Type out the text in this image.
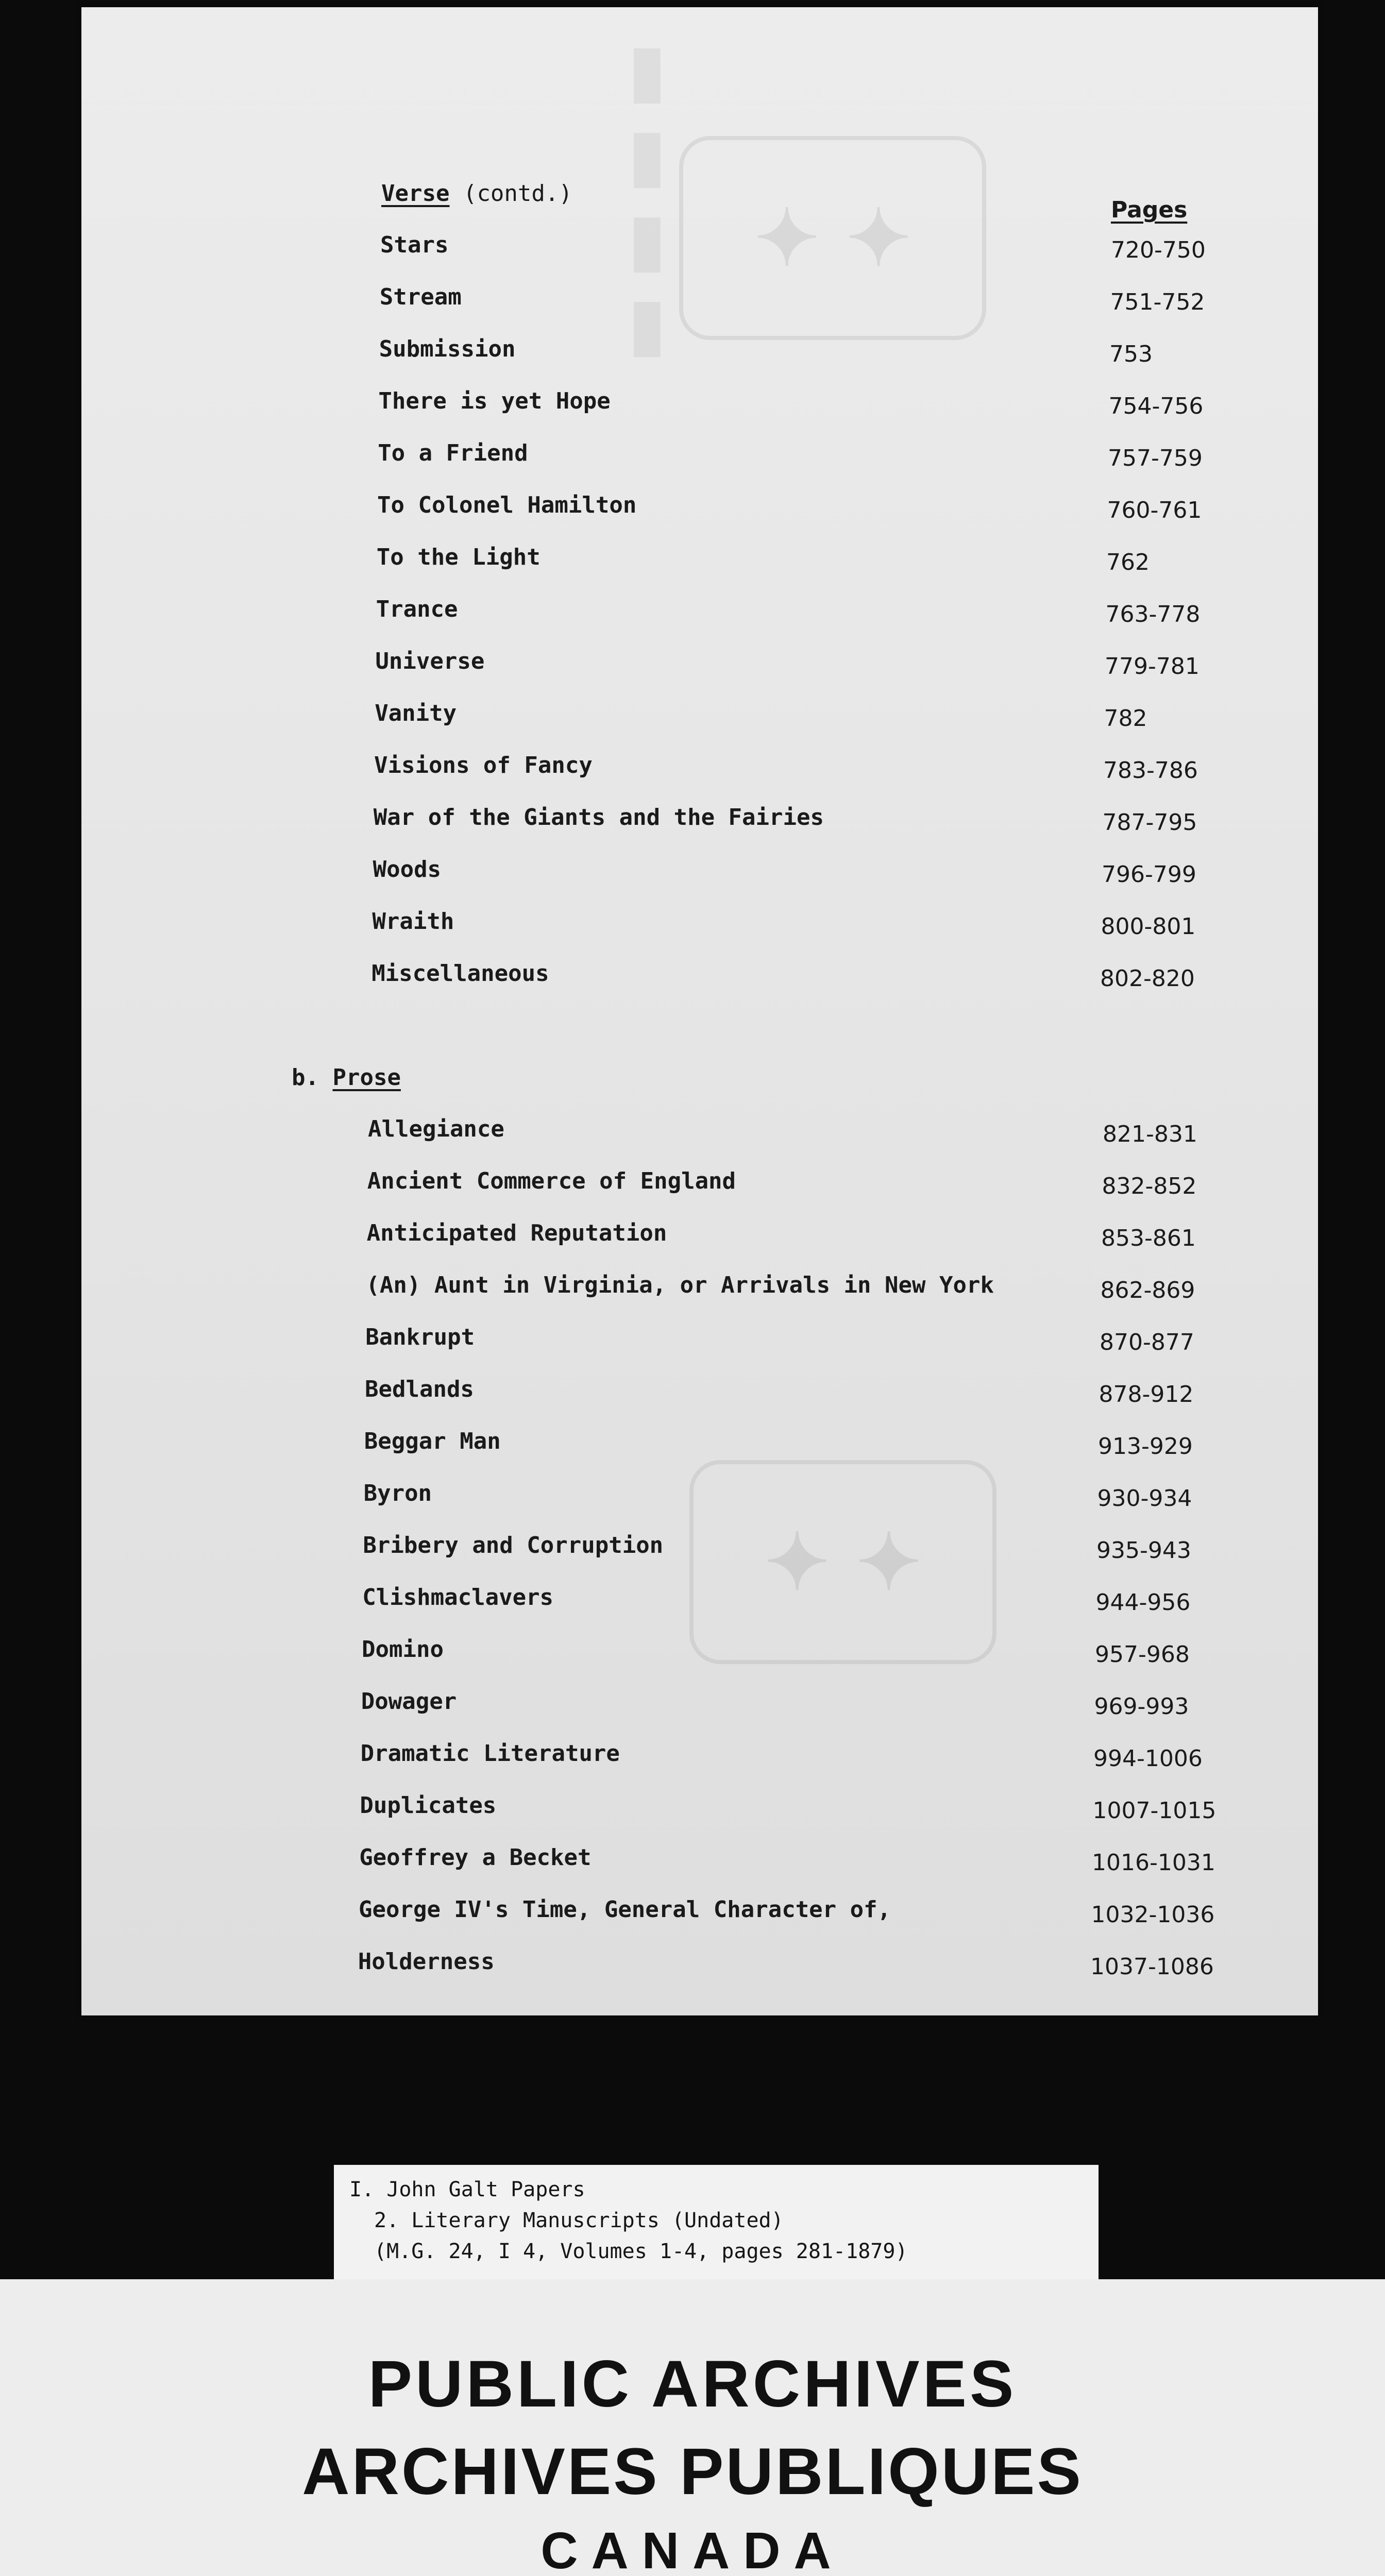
▮▮▮▮ ✦ ✦
✦ ✦
Verse (contd.)
Pages
Stars	720-750
Stream	751-752
Submission	753
There is yet Hope	754-756
To a Friend	757-759
To Colonel Hamilton	760-761
To the Light	762
Trance	763-778
Universe	779-781
Vanity	782
Visions of Fancy	783-786
War of the Giants and the Fairies	787-795
Woods	796-799
Wraith	800-801
Miscellaneous	802-820
b. Prose
Allegiance	821-831
Ancient Commerce of England	832-852
Anticipated Reputation	853-861
(An) Aunt in Virginia, or Arrivals in New York	862-869
Bankrupt	870-877
Bedlands	878-912
Beggar Man	913-929
Byron	930-934
Bribery and Corruption	935-943
Clishmaclavers	944-956
Domino	957-968
Dowager	969-993
Dramatic Literature	994-1006
Duplicates	1007-1015
Geoffrey a Becket	1016-1031
George IV's Time, General Character of,	1032-1036
Holderness	1037-1086
I. John Galt Papers
2. Literary Manuscripts (Undated)
(M.G. 24, I 4, Volumes 1-4, pages 281-1879)
PUBLIC ARCHIVES
ARCHIVES PUBLIQUES
CANADA
